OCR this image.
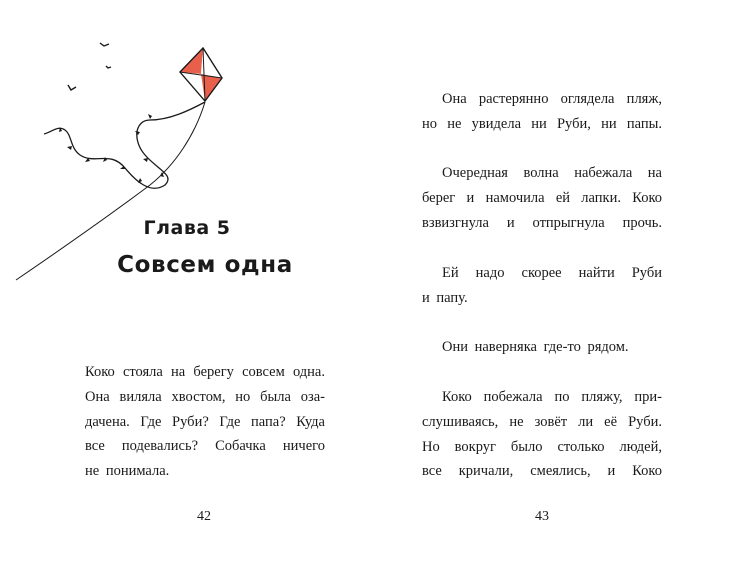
Глава 5
Совсем одна
Коко стояла на берегу совсем одна.
Она виляла хвостом, но была оза-
дачена. Где Руби? Где папа? Куда
все подевались? Собачка ничего
не понимала.
42
Она растерянно оглядела пляж,
но не увидела ни Руби, ни папы.
Очередная волна набежала на
берег и намочила ей лапки. Коко
взвизгнула и отпрыгнула прочь.
Ей надо скорее найти Руби
и папу.
Они наверняка где-то рядом.
Коко побежала по пляжу, при-
слушиваясь, не зовёт ли её Руби.
Но вокруг было столько людей,
все кричали, смеялись, и Коко
43
